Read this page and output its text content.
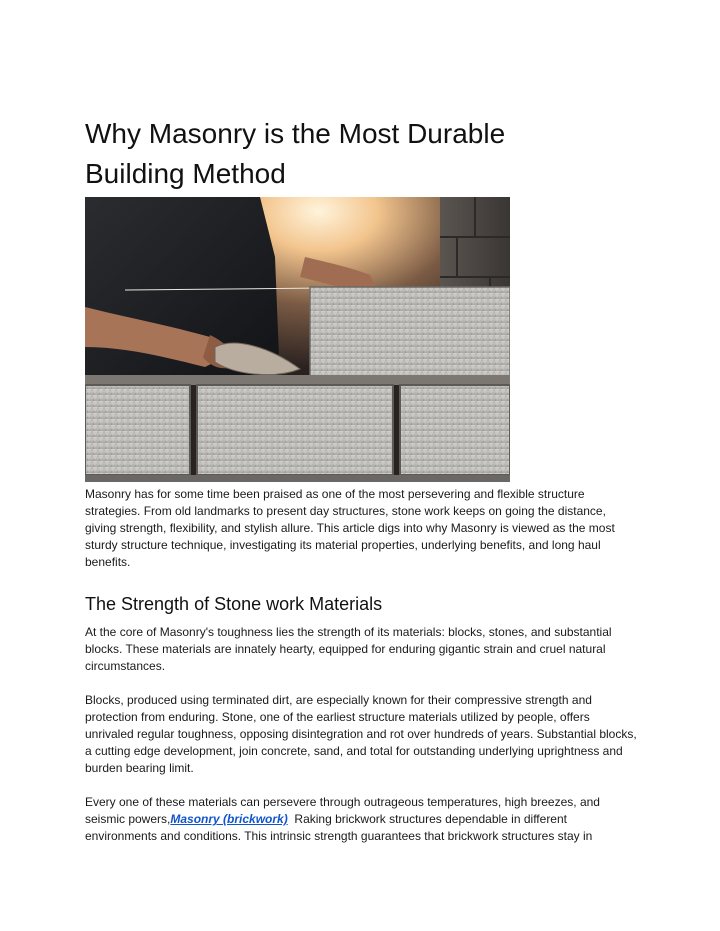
Why Masonry is the Most Durable
Building Method

Masonry has for some time been praised as one of the most persevering and flexible structure strategies. From old landmarks to present day structures, stone work keeps on going the distance, giving strength, flexibility, and stylish allure. This article digs into why Masonry is viewed as the most sturdy structure technique, investigating its material properties, underlying benefits, and long haul benefits.

The Strength of Stone work Materials

At the core of Masonry's toughness lies the strength of its materials: blocks, stones, and substantial blocks. These materials are innately hearty, equipped for enduring gigantic strain and cruel natural circumstances.

Blocks, produced using terminated dirt, are especially known for their compressive strength and protection from enduring. Stone, one of the earliest structure materials utilized by people, offers unrivaled regular toughness, opposing disintegration and rot over hundreds of years. Substantial blocks, a cutting edge development, join concrete, sand, and total for outstanding underlying uprightness and burden bearing limit.

Every one of these materials can persevere through outrageous temperatures, high breezes, and seismic powers,Masonry (brickwork)  Raking brickwork structures dependable in different environments and conditions. This intrinsic strength guarantees that brickwork structures stay in
